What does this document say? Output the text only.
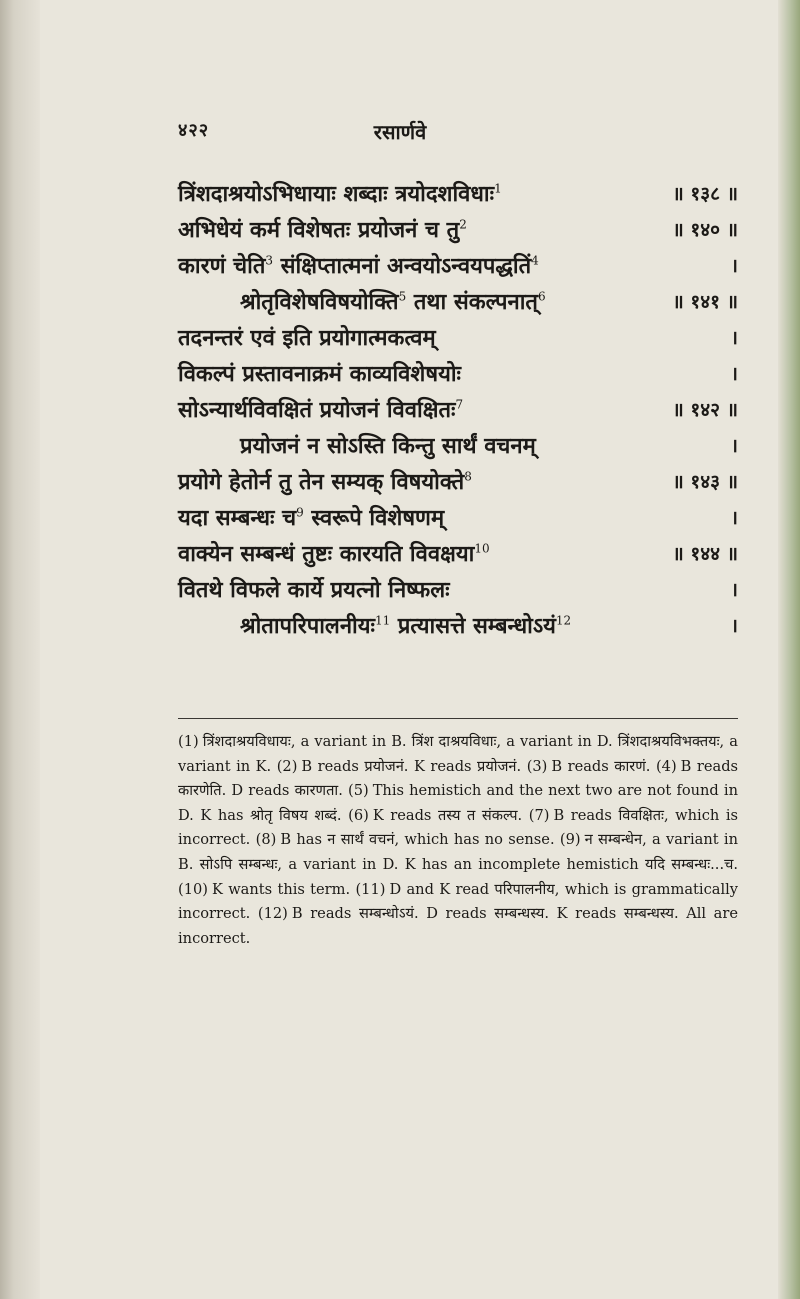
४२२	रसार्णवे
त्रिंशदाश्रयोऽभिधायाः शब्दाः त्रयोदशविधाः$^1$	॥ १३८ ॥
अभिधेयं कर्म विशेषतः प्रयोजनं च तु$^2$	॥ १४० ॥
कारणं चेति$^3$ संक्षिप्तात्मनां अन्वयोऽन्वयपद्धतिं$^4$	।
श्रोतृविशेषविषयोक्ति$^5$ तथा संकल्पनात्$^6$	॥ १४१ ॥
तदनन्तरं एवं इति प्रयोगात्मकत्वम्	।
विकल्पं प्रस्तावनाक्रमं काव्यविशेषयोः	।
सोऽन्यार्थविवक्षितं प्रयोजनं विवक्षितः$^7$	॥ १४२ ॥
प्रयोजनं न सोऽस्ति किन्तु सार्थं वचनम्	।
प्रयोगे हेतोर्न तु तेन सम्यक् विषयोक्ते$^8$	॥ १४३ ॥
यदा सम्बन्धः च$^9$ स्वरूपे विशेषणम्	।
वाक्येन सम्बन्धं तुष्टः कारयति विवक्षया$^{10}$	॥ १४४ ॥
वितथे विफले कार्ये प्रयत्नो निष्फलः	।
श्रोतापरिपालनीयः$^{11}$ प्रत्यासत्ते सम्बन्धोऽयं$^{12}$	।
(1) त्रिंशदाश्रयविधायः, a variant in B. त्रिंश दाश्रयविधाः, a variant in D. त्रिंशदाश्रयविभक्तयः, a variant in K. (2) B reads प्रयोजनं. K reads प्रयोजनं. (3) B reads कारणं. (4) B reads कारणेति. D reads कारणता. (5) This hemistich and the next two are not found in D. K has श्रोतृ विषय शब्दं. (6) K reads तस्य त संकल्प. (7) B reads विवक्षितः, which is incorrect. (8) B has न सार्थं वचनं, which has no sense. (9) न सम्बन्धेन, a variant in B. सोऽपि सम्बन्धः, a variant in D. K has an incomplete hemistich यदि सम्बन्धः...च. (10) K wants this term. (11) D and K read परिपालनीय, which is grammatically incorrect. (12) B reads सम्बन्धोऽयं. D reads सम्बन्धस्य. K reads सम्बन्धस्य. All are incorrect.
